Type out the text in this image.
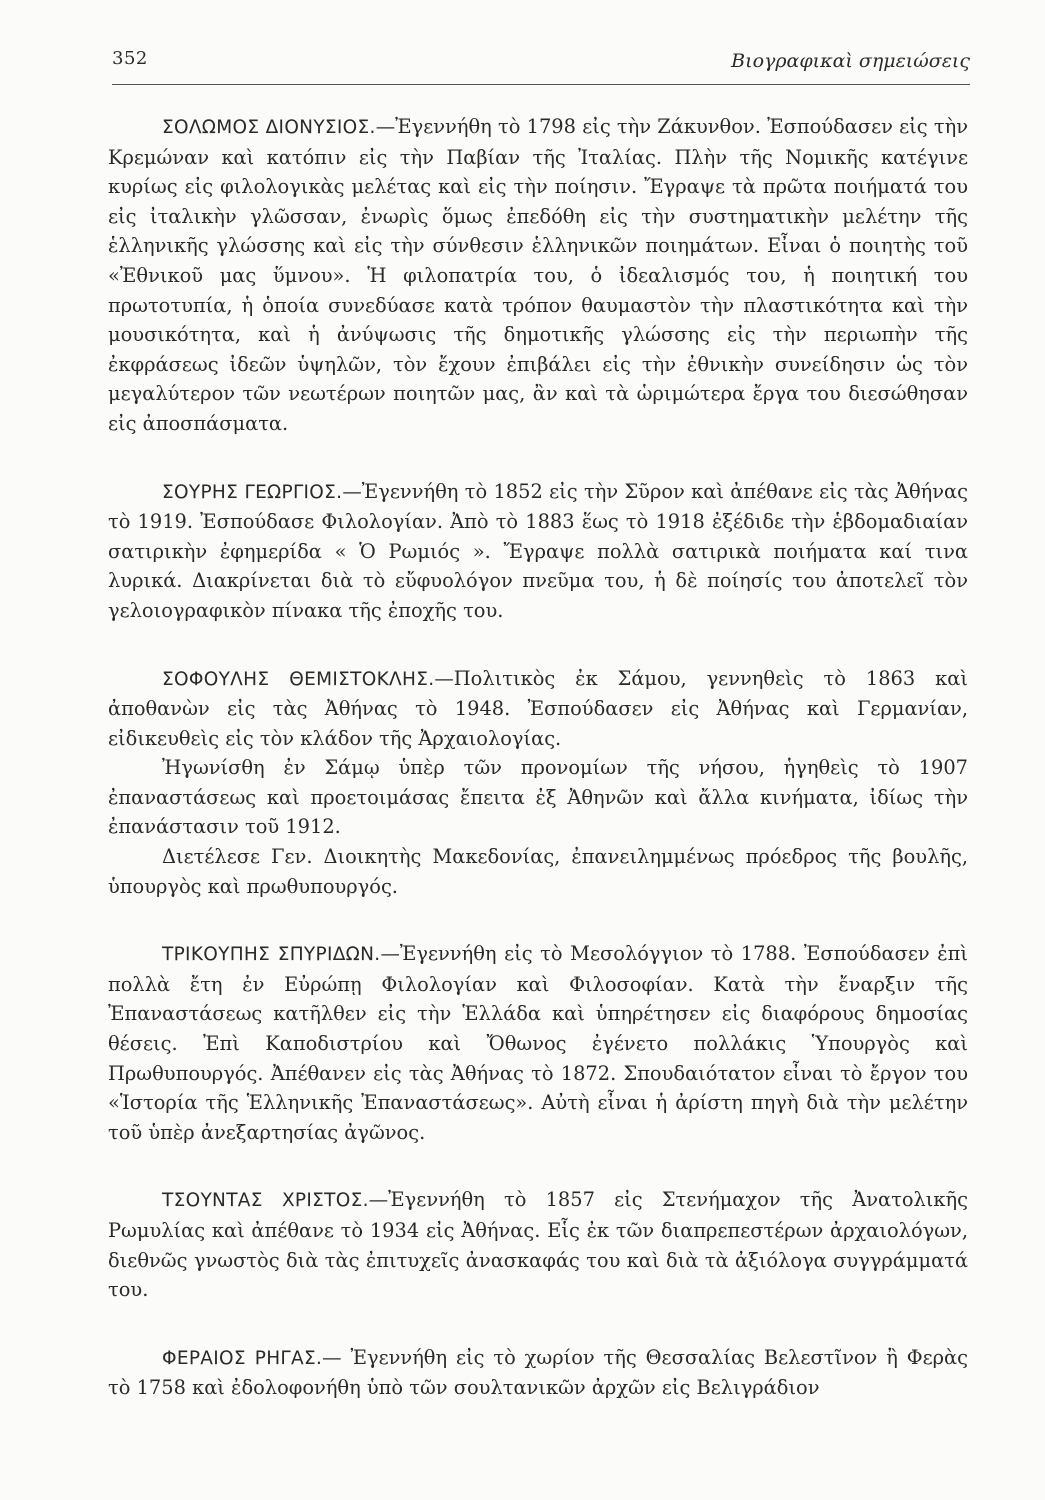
352	Βιογραφικαὶ σημειώσεις

ΣΟΛΩΜΟΣ ΔΙΟΝΥΣΙΟΣ.—Ἐγεννήθη τὸ 1798 εἰς τὴν Ζάκυνθον. Ἐσπούδασεν εἰς τὴν Κρεμώναν καὶ κατόπιν εἰς τὴν Παβίαν τῆς Ἰταλίας. Πλὴν τῆς Νομικῆς κατέγινε κυρίως εἰς φιλολογικὰς μελέτας καὶ εἰς τὴν ποίησιν. Ἔγραψε τὰ πρῶτα ποιήματά του εἰς ἰταλικὴν γλῶσσαν, ἐνωρὶς ὅμως ἐπεδόθη εἰς τὴν συστηματικὴν μελέτην τῆς ἑλληνικῆς γλώσσης καὶ εἰς τὴν σύνθεσιν ἑλληνικῶν ποιημάτων. Εἶναι ὁ ποιητὴς τοῦ «Ἐθνικοῦ μας ὕμνου». Ἡ φιλοπατρία του, ὁ ἰδεαλισμός του, ἡ ποιητική του πρωτοτυπία, ἡ ὁποία συνεδύασε κατὰ τρόπον θαυμαστὸν τὴν πλαστικότητα καὶ τὴν μουσικότητα, καὶ ἡ ἀνύψωσις τῆς δημοτικῆς γλώσσης εἰς τὴν περιωπὴν τῆς ἐκφράσεως ἰδεῶν ὑψηλῶν, τὸν ἔχουν ἐπιβάλει εἰς τὴν ἐθνικὴν συνείδησιν ὡς τὸν μεγαλύτερον τῶν νεωτέρων ποιητῶν μας, ἂν καὶ τὰ ὡριμώτερα ἔργα του διεσώθησαν εἰς ἀποσπάσματα.

ΣΟΥΡΗΣ ΓΕΩΡΓΙΟΣ.—Ἐγεννήθη τὸ 1852 εἰς τὴν Σῦρον καὶ ἀπέθανε εἰς τὰς Ἀθήνας τὸ 1919. Ἐσπούδασε Φιλολογίαν. Ἀπὸ τὸ 1883 ἕως τὸ 1918 ἐξέδιδε τὴν ἑβδομαδιαίαν σατιρικὴν ἐφημερίδα « Ὁ Ρωμιός ». Ἔγραψε πολλὰ σατιρικὰ ποιήματα καί τινα λυρικά. Διακρίνεται διὰ τὸ εὔφυολόγον πνεῦμα του, ἡ δὲ ποίησίς του ἀποτελεῖ τὸν γελοιογραφικὸν πίνακα τῆς ἐποχῆς του.

ΣΟΦΟΥΛΗΣ ΘΕΜΙΣΤΟΚΛΗΣ.—Πολιτικὸς ἐκ Σάμου, γεννηθεὶς τὸ 1863 καὶ ἀποθανὼν εἰς τὰς Ἀθήνας τὸ 1948. Ἐσπούδασεν εἰς Ἀθήνας καὶ Γερμανίαν, εἰδικευθεὶς εἰς τὸν κλάδον τῆς Ἀρχαιολογίας.

Ἠγωνίσθη ἐν Σάμῳ ὑπὲρ τῶν προνομίων τῆς νήσου, ἡγηθεὶς τὸ 1907 ἐπαναστάσεως καὶ προετοιμάσας ἔπειτα ἐξ Ἀθηνῶν καὶ ἄλλα κινήματα, ἰδίως τὴν ἐπανάστασιν τοῦ 1912.

Διετέλεσε Γεν. Διοικητὴς Μακεδονίας, ἐπανειλημμένως πρόεδρος τῆς βουλῆς, ὑπουργὸς καὶ πρωθυπουργός.

ΤΡΙΚΟΥΠΗΣ ΣΠΥΡΙΔΩΝ.—Ἐγεννήθη εἰς τὸ Μεσολόγγιον τὸ 1788. Ἐσπούδασεν ἐπὶ πολλὰ ἔτη ἐν Εὐρώπῃ Φιλολογίαν καὶ Φιλοσοφίαν. Κατὰ τὴν ἔναρξιν τῆς Ἐπαναστάσεως κατῆλθεν εἰς τὴν Ἑλλάδα καὶ ὑπηρέτησεν εἰς διαφόρους δημοσίας θέσεις. Ἐπὶ Καποδιστρίου καὶ Ὄθωνος ἐγένετο πολλάκις Ὑπουργὸς καὶ Πρωθυπουργός. Ἀπέθανεν εἰς τὰς Ἀθήνας τὸ 1872. Σπουδαιότατον εἶναι τὸ ἔργον του «Ἱστορία τῆς Ἑλληνικῆς Ἐπαναστάσεως». Αὐτὴ εἶναι ἡ ἀρίστη πηγὴ διὰ τὴν μελέτην τοῦ ὑπὲρ ἀνεξαρτησίας ἀγῶνος.

ΤΣΟΥΝΤΑΣ ΧΡΙΣΤΟΣ.—Ἐγεννήθη τὸ 1857 εἰς Στενήμαχον τῆς Ἀνατολικῆς Ρωμυλίας καὶ ἀπέθανε τὸ 1934 εἰς Ἀθήνας. Εἷς ἐκ τῶν διαπρεπεστέρων ἀρχαιολόγων, διεθνῶς γνωστὸς διὰ τὰς ἐπιτυχεῖς ἀνασκαφάς του καὶ διὰ τὰ ἀξιόλογα συγγράμματά του.

ΦΕΡΑΙΟΣ ΡΗΓΑΣ.— Ἐγεννήθη εἰς τὸ χωρίον τῆς Θεσσαλίας Βελεστῖνον ἢ Φερὰς τὸ 1758 καὶ ἐδολοφονήθη ὑπὸ τῶν σουλτανικῶν ἀρχῶν εἰς Βελιγράδιον
